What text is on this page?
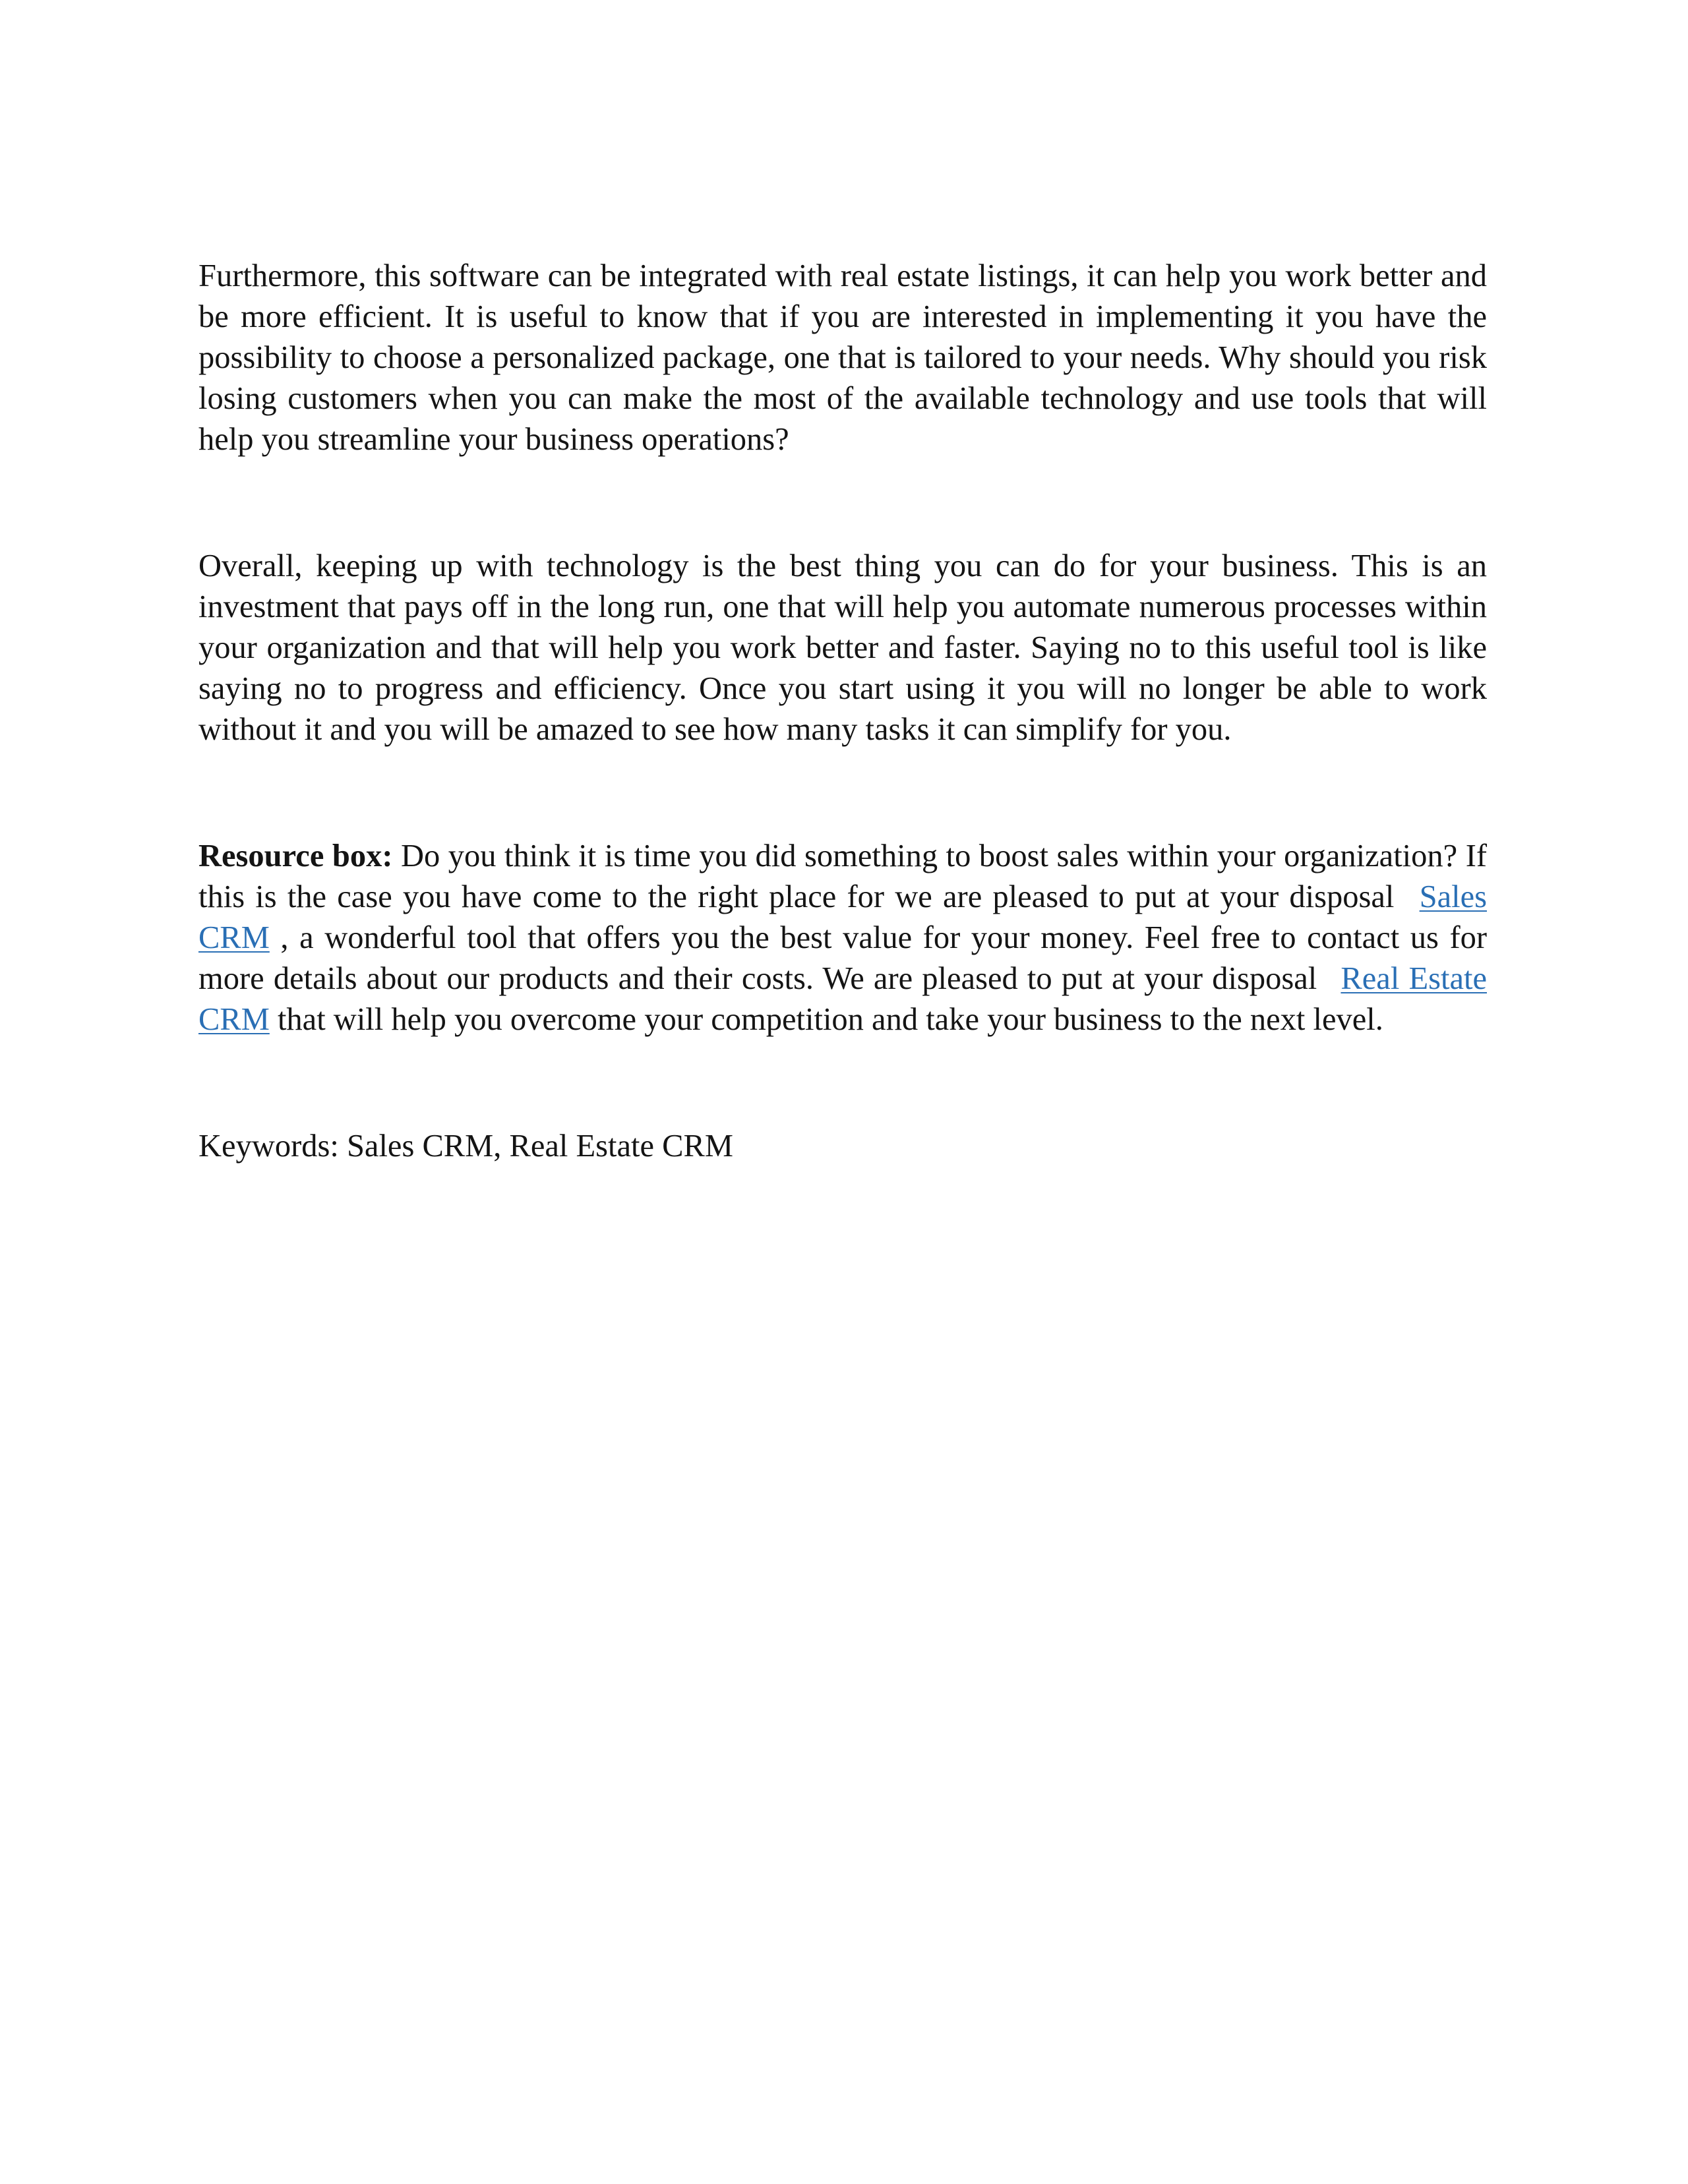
Furthermore, this software can be integrated with real estate listings, it can help you work better and be more efficient. It is useful to know that if you are interested in implementing it you have the possibility to choose a personalized package, one that is tailored to your needs. Why should you risk losing customers when you can make the most of the available technology and use tools that will help you streamline your business operations?

Overall, keeping up with technology is the best thing you can do for your business. This is an investment that pays off in the long run, one that will help you automate numerous processes within your organization and that will help you work better and faster. Saying no to this useful tool is like saying no to progress and efficiency. Once you start using it you will no longer be able to work without it and you will be amazed to see how many tasks it can simplify for you.

Resource box: Do you think it is time you did something to boost sales within your organization? If this is the case you have come to the right place for we are pleased to put at your disposal Sales CRM , a wonderful tool that offers you the best value for your money. Feel free to contact us for more details about our products and their costs. We are pleased to put at your disposal Real Estate CRM that will help you overcome your competition and take your business to the next level.

Keywords: Sales CRM, Real Estate CRM
